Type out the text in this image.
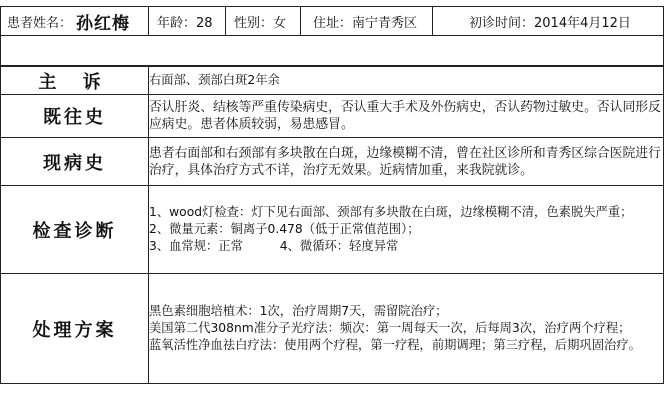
患者姓名： 孙红梅 年龄：28 性别：女 住址：南宁青秀区	初诊时间：2014年4月12日
主 诉	右面部、颈部白斑2年余
既往史	否认肝炎、结核等严重传染病史，否认重大手术及外伤病史，否认药物过敏史。否认同形反应病史。患者体质较弱，易患感冒。
现病史	患者右面部和右颈部有多块散在白斑，边缘模糊不清，曾在社区诊所和青秀区综合医院进行治疗，具体治疗方式不详，治疗无效果。近病情加重，来我院就诊。
检查诊断	1、wood灯检查：灯下见右面部、颈部有多块散在白斑，边缘模糊不清，色素脱失严重；
2、微量元素：铜离子0.478（低于正常值范围）；
3、血常规：正常　　　4、微循环：轻度异常

处理方案	黑色素细胞培植术：1次，治疗周期7天，需留院治疗；
美国第二代308nm准分子光疗法：频次：第一周每天一次，后每周3次，治疗两个疗程；
蓝氧活性净血祛白疗法：使用两个疗程，第一疗程，前期调理；第三疗程，后期巩固治疗。
